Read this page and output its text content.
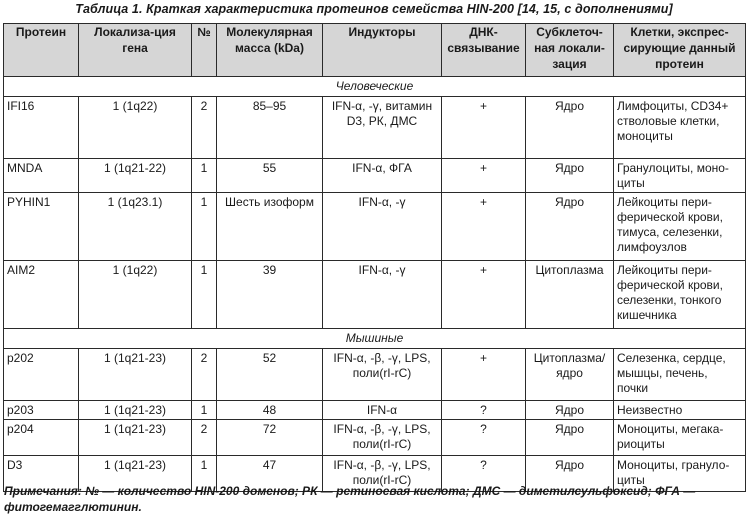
Таблица 1. Краткая характеристика протеинов семейства HIN-200 [14, 15, с дополнениями]
Протеин	Локализа-ция гена	№	Молекулярная масса (kDa)	Индукторы	ДНК-связывание	Субклеточ-ная локали-зация	Клетки, экспрес-сирующие данный протеин
Человеческие							
IFI16	1 (1q22)	2	85–95	IFN-α, -γ, витамин D3, РК, ДМС	+	Ядро	Лимфоциты, CD34+ стволовые клетки, моноциты
MNDA	1 (1q21-22)	1	55	IFN-α, ФГА	+	Ядро	Гранулоциты, моно-циты
PYHIN1	1 (1q23.1)	1	Шесть изоформ	IFN-α, -γ	+	Ядро	Лейкоциты пери-ферической крови, тимуса, селезенки, лимфоузлов
AIM2	1 (1q22)	1	39	IFN-α, -γ	+	Цитоплазма	Лейкоциты пери-ферической крови, селезенки, тонкого кишечника
Мышиные							
p202	1 (1q21-23)	2	52	IFN-α, -β, -γ, LPS, поли(rI-rC)	+	Цитоплазма/ ядро	Селезенка, сердце, мышцы, печень, почки
p203	1 (1q21-23)	1	48	IFN-α	?	Ядро	Неизвестно
p204	1 (1q21-23)	2	72	IFN-α, -β, -γ, LPS, поли(rI-rC)	?	Ядро	Моноциты, мегака-риоциты
D3	1 (1q21-23)	1	47	IFN-α, -β, -γ, LPS, поли(rI-rC)	?	Ядро	Моноциты, грануло-циты
Примечания: № — количество HIN-200 доменов; РК — ретиноевая кислота; ДМС — диметилсульфоксид; ФГА — фитогемагглютинин.
